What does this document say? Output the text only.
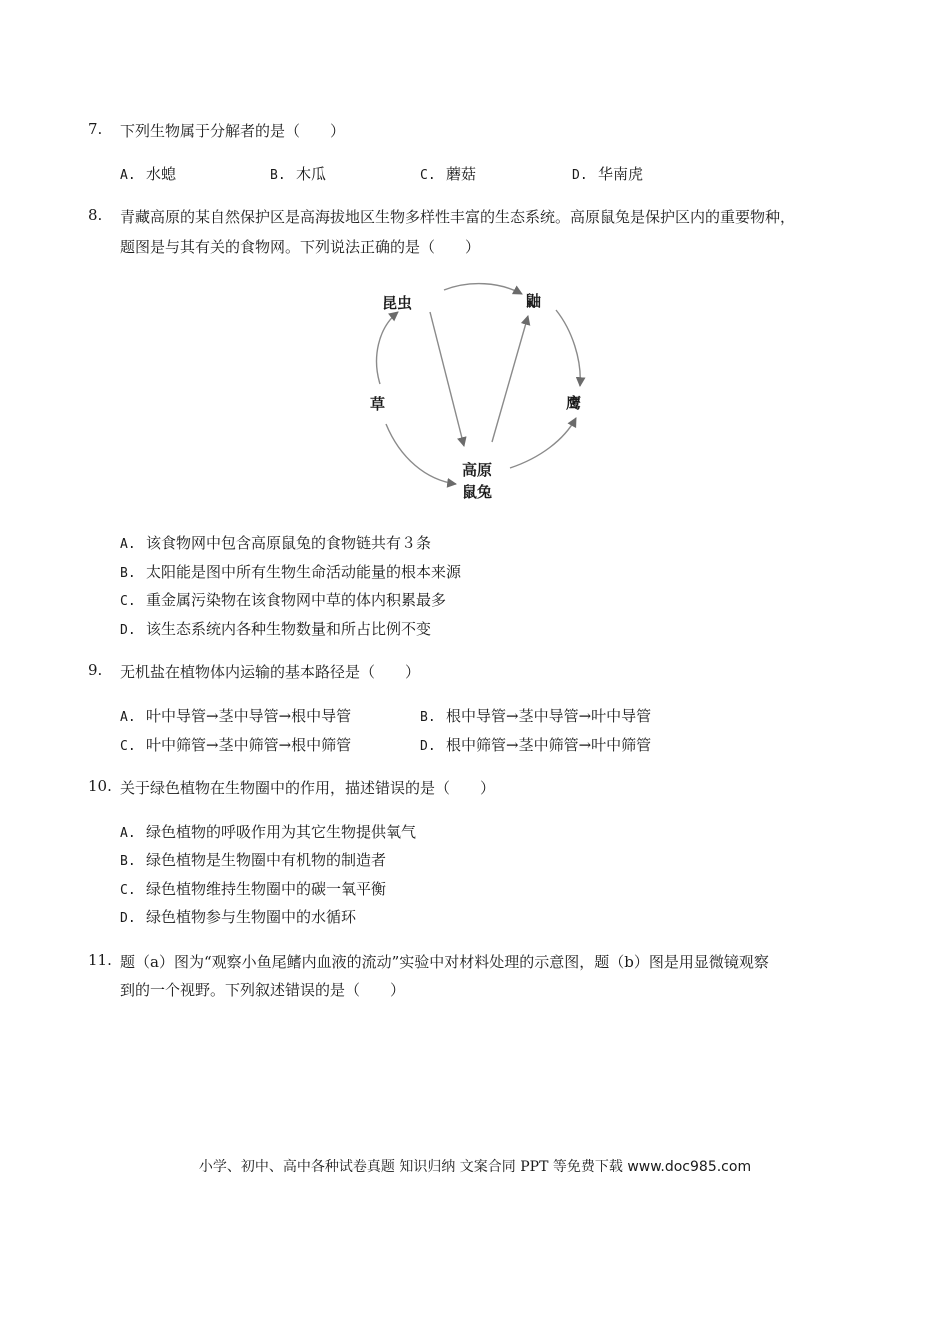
7. 下列生物属于分解者的是（　　）
A. 水螅	B. 木瓜	C. 蘑菇	D. 华南虎
8. 青藏高原的某自然保护区是高海拔地区生物多样性丰富的生态系统。高原鼠兔是保护区内的重要物种，
题图是与其有关的食物网。下列说法正确的是（　　）
昆虫	鼬
草	鹰
高原
鼠兔
A. 该食物网中包含高原鼠兔的食物链共有３条
B. 太阳能是图中所有生物生命活动能量的根本来源
C. 重金属污染物在该食物网中草的体内积累最多
D. 该生态系统内各种生物数量和所占比例不变
9. 无机盐在植物体内运输的基本路径是（　　）
A. 叶中导管→茎中导管→根中导管	B. 根中导管→茎中导管→叶中导管
C. 叶中筛管→茎中筛管→根中筛管	D. 根中筛管→茎中筛管→叶中筛管
10. 关于绿色植物在生物圈中的作用，描述错误的是（　　）
A. 绿色植物的呼吸作用为其它生物提供氧气
B. 绿色植物是生物圈中有机物的制造者
C. 绿色植物维持生物圈中的碳一氧平衡
D. 绿色植物参与生物圈中的水循环
11. 题（a）图为“观察小鱼尾鳍内血液的流动”实验中对材料处理的示意图，题（b）图是用显微镜观察
到的一个视野。下列叙述错误的是（　　）
小学、初中、高中各种试卷真题 知识归纳 文案合同 PPT 等免费下载 www.doc985.com
